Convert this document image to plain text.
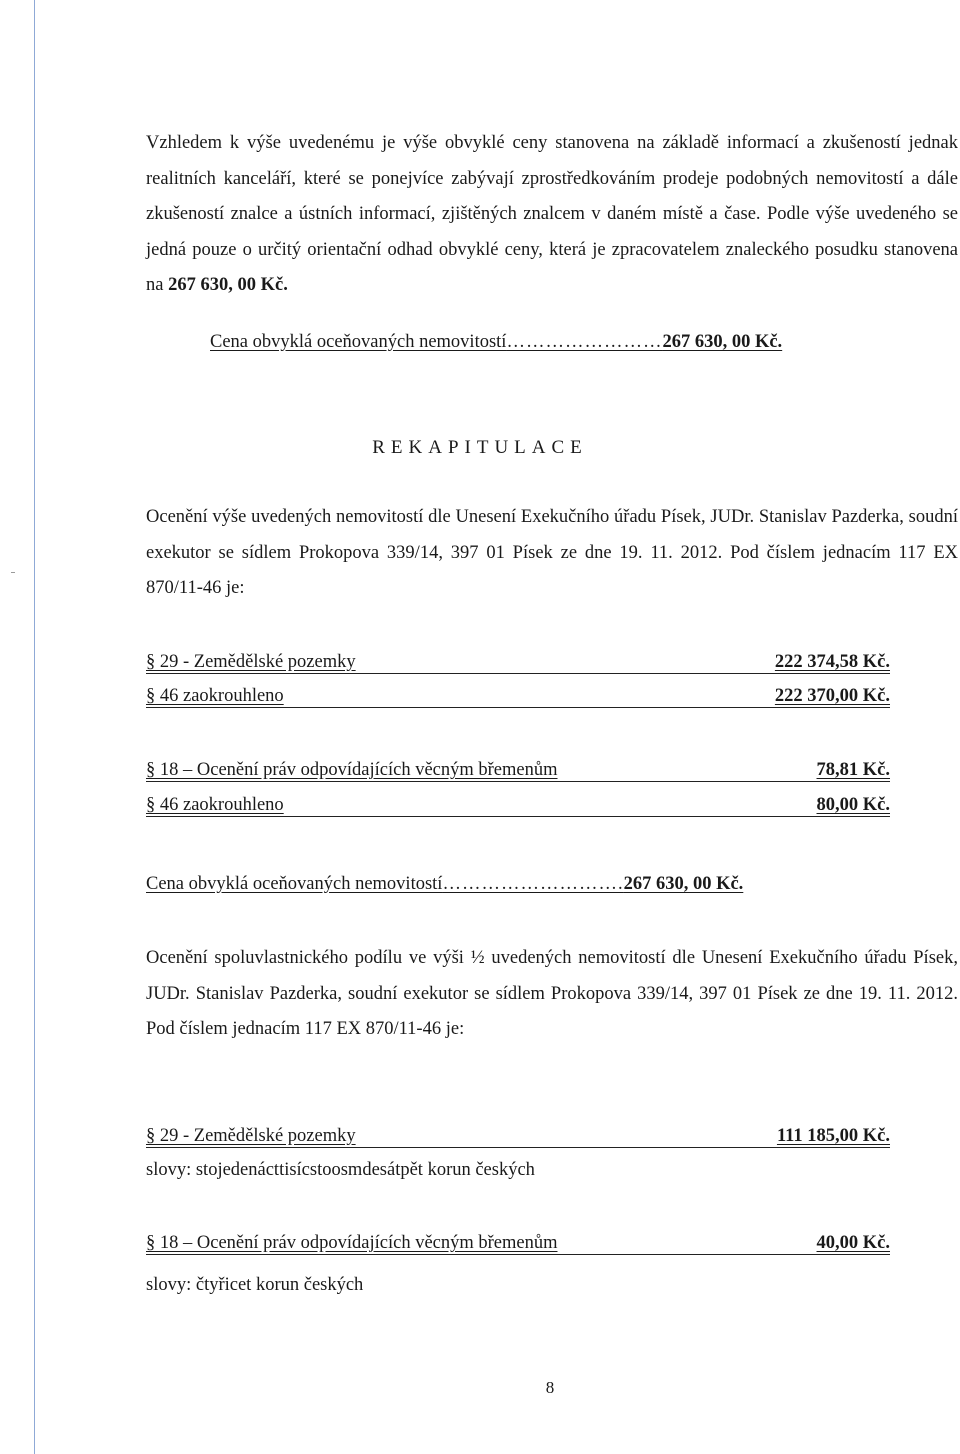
Vzhledem k výše uvedenému je výše obvyklé ceny stanovena na základě informací a zkušeností jednak realitních kanceláří, které se ponejvíce zabývají zprostředkováním prodeje podobných nemovitostí a dále zkušeností znalce a ústních informací, zjištěných znalcem v daném místě a čase. Podle výše uvedeného se jedná pouze o určitý orientační odhad obvyklé ceny, která je zpracovatelem znaleckého posudku stanovena na 267 630, 00 Kč.
Cena obvyklá oceňovaných nemovitostí……………………267 630, 00 Kč.
REKAPITULACE
Ocenění výše uvedených nemovitostí dle Unesení Exekučního úřadu Písek, JUDr. Stanislav Pazderka, soudní exekutor se sídlem Prokopova 339/14, 397 01 Písek ze dne 19. 11. 2012. Pod číslem jednacím 117 EX 870/11-46 je:
§ 29 - Zemědělské pozemky	222 374,58 Kč.
§ 46 zaokrouhleno	222 370,00 Kč.
§ 18 – Ocenění práv odpovídajících věcným břemenům	78,81 Kč.
§ 46 zaokrouhleno	80,00 Kč.
Cena obvyklá oceňovaných nemovitostí……………………….267 630, 00 Kč.
Ocenění spoluvlastnického podílu ve výši ½ uvedených nemovitostí dle Unesení Exekučního úřadu Písek, JUDr. Stanislav Pazderka, soudní exekutor se sídlem Prokopova 339/14, 397 01 Písek ze dne 19. 11. 2012. Pod číslem jednacím 117 EX 870/11-46 je:
§ 29 - Zemědělské pozemky	111 185,00 Kč.
slovy: stojedenácttisícstoosmdesátpět korun českých
§ 18 – Ocenění práv odpovídajících věcným břemenům	40,00 Kč.
slovy: čtyřicet korun českých
8
